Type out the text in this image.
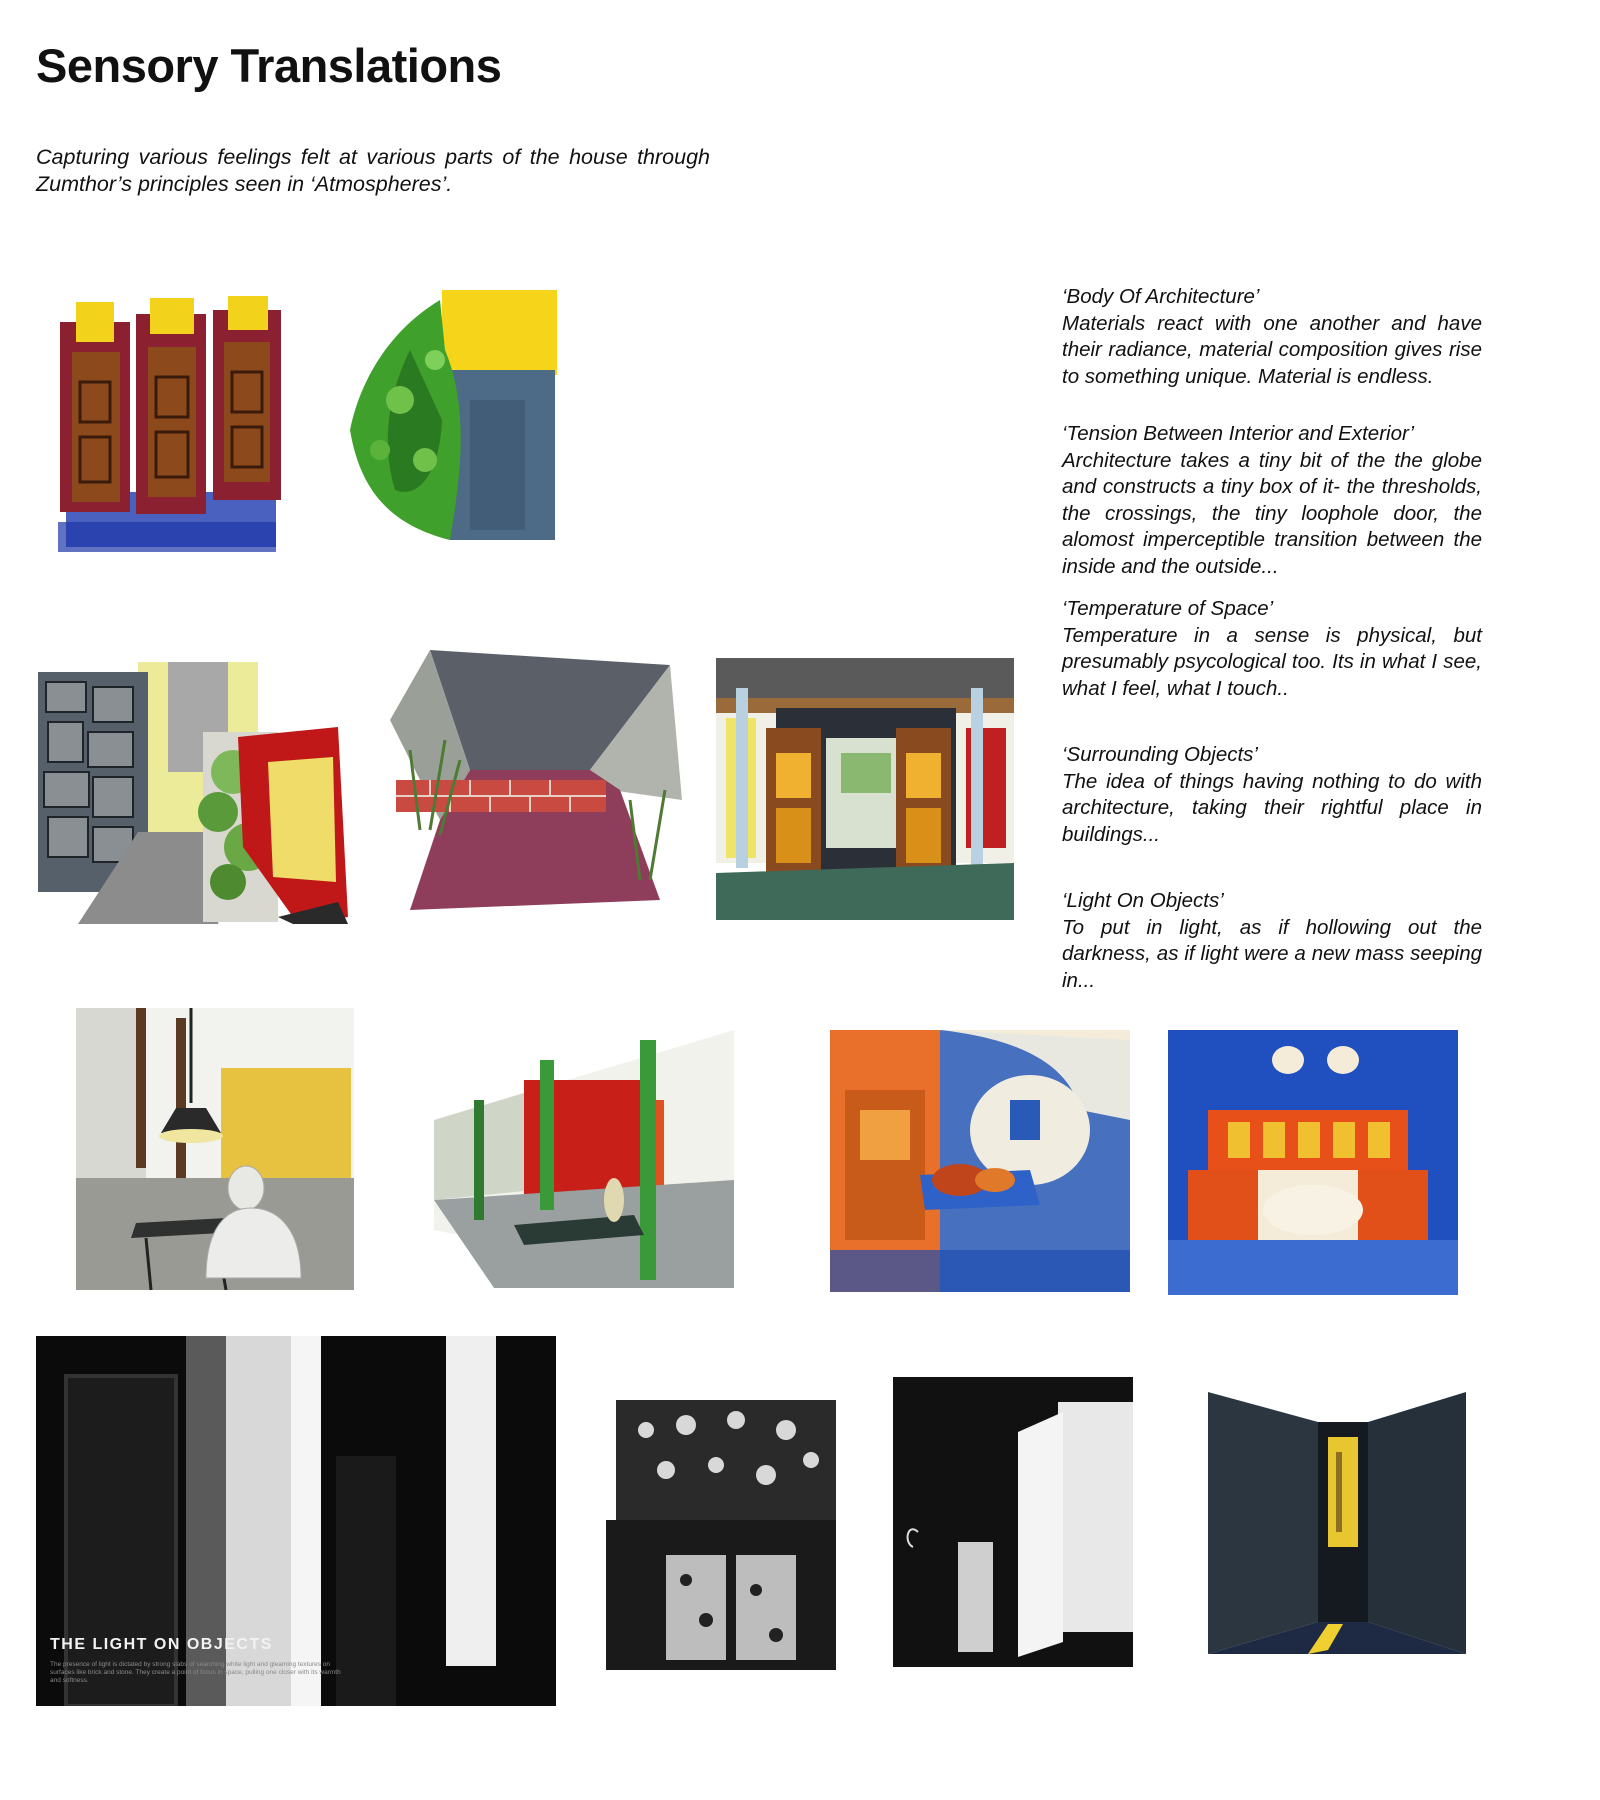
Sensory Translations

Capturing various feelings felt at various parts of the house through Zumthor’s principles seen in ‘Atmospheres’.

‘Body Of Architecture’

Materials react with one another and have their radiance, material composition gives rise to something unique. Material is endless.

‘Tension Between Interior and Exterior’

Architecture takes a tiny bit of the the globe and constructs a tiny box of it- the thresholds, the crossings, the tiny loophole door, the alomost imperceptible transition between the inside and the outside...

‘Temperature of Space’

Temperature in a sense is physical, but presumably psycological too. Its in what I see, what I feel, what I touch..

‘Surrounding Objects’

The idea of things having nothing to do with architecture, taking their rightful place in buildings...

‘Light On Objects’

To put in light, as if hollowing out the darkness, as if light were a new mass seeping in...

THE LIGHT ON OBJECTS
The presence of light is dictated by strong slabs of searching white light and gleaming textures on surfaces like brick and stone. They create a point of focus in space, pulling one closer with its warmth and softness.
